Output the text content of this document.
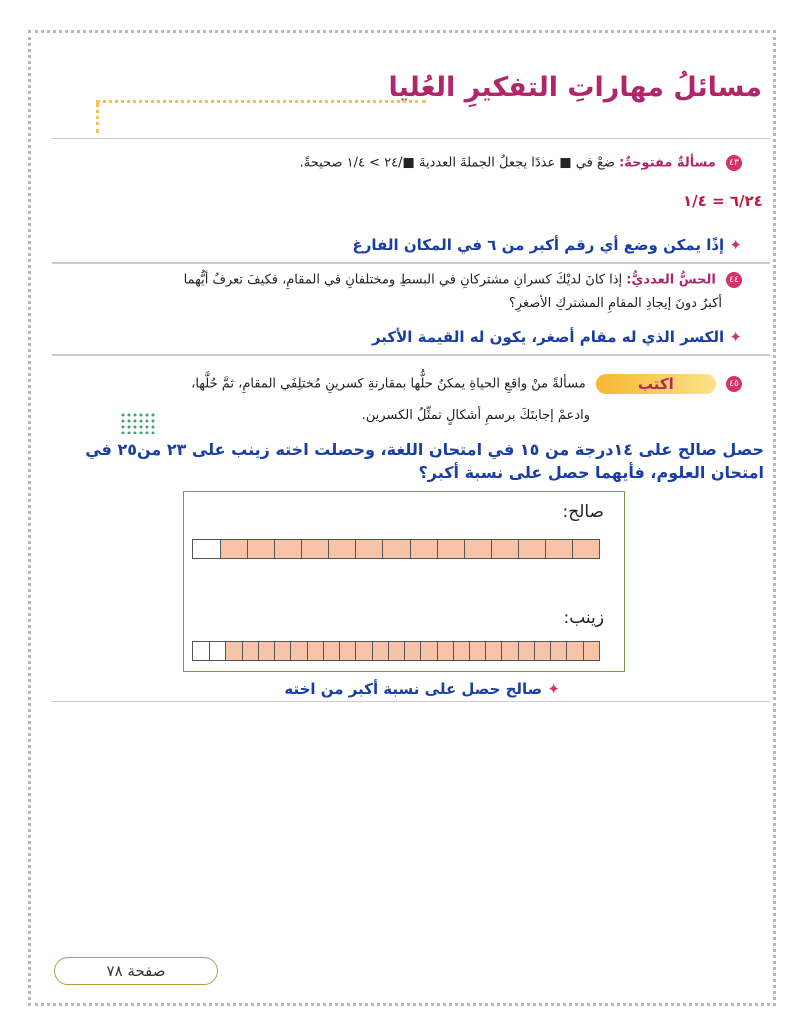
مسائلُ مهاراتِ التفكيرِ العُليا
٤٣ مسألةٌ مفتوحةٌ: ضعْ في ■ عددًا يجعلُ الجملةَ العدديةَ ■/٢٤ > ١/٤ صحيحةً.
٦/٢٤ = ١/٤
✦ إذًا يمكن وضع أي رقم أكبر من ٦ في المكان الفارغ
٤٤ الحسُّ العدديُّ: إذا كانَ لديْكَ كسرانِ مشتركانِ في البسطِ ومختلفانِ في المقامِ، فكيفَ تعرفُ أيُّهما
أكبرُ دونَ إيجادِ المقامِ المشتركِ الأصغرِ؟
✦ الكسر الذي له مقام أصغر، يكون له القيمة الأكبر
٤٥ اكتب مسألةً منْ واقعِ الحياةِ يمكنُ حلُّها بمقارنةِ كسرينِ مُختلِفَي المقامِ، ثمَّ حُلَّها،
وادعمْ إجابتَكَ برسمِ أشكالٍ تمثِّلُ الكسرين.
حصل صالح على ١٤درجة من ١٥ في امتحان اللغة، وحصلت اخته زينب على ٢٣ من٢٥ في
امتحان العلوم، فأيهما حصل على نسبة أكبر؟
صالح:
زينب:
✦ صالح حصل على نسبة أكبر من اخته
صفحة ٧٨
